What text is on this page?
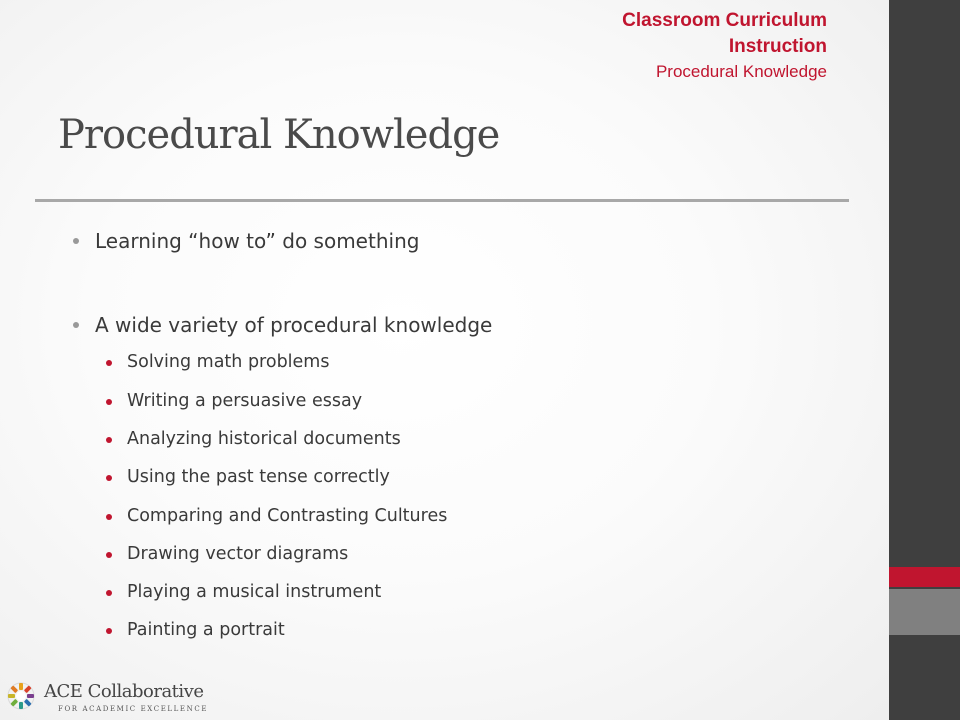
Classroom Curriculum
Instruction
Procedural Knowledge
Procedural Knowledge
Learning “how to” do something
A wide variety of procedural knowledge
Solving math problems
Writing a persuasive essay
Analyzing historical documents
Using the past tense correctly
Comparing and Contrasting Cultures
Drawing vector diagrams
Playing a musical instrument
Painting a portrait
ACE Collaborative
FOR ACADEMIC EXCELLENCE
